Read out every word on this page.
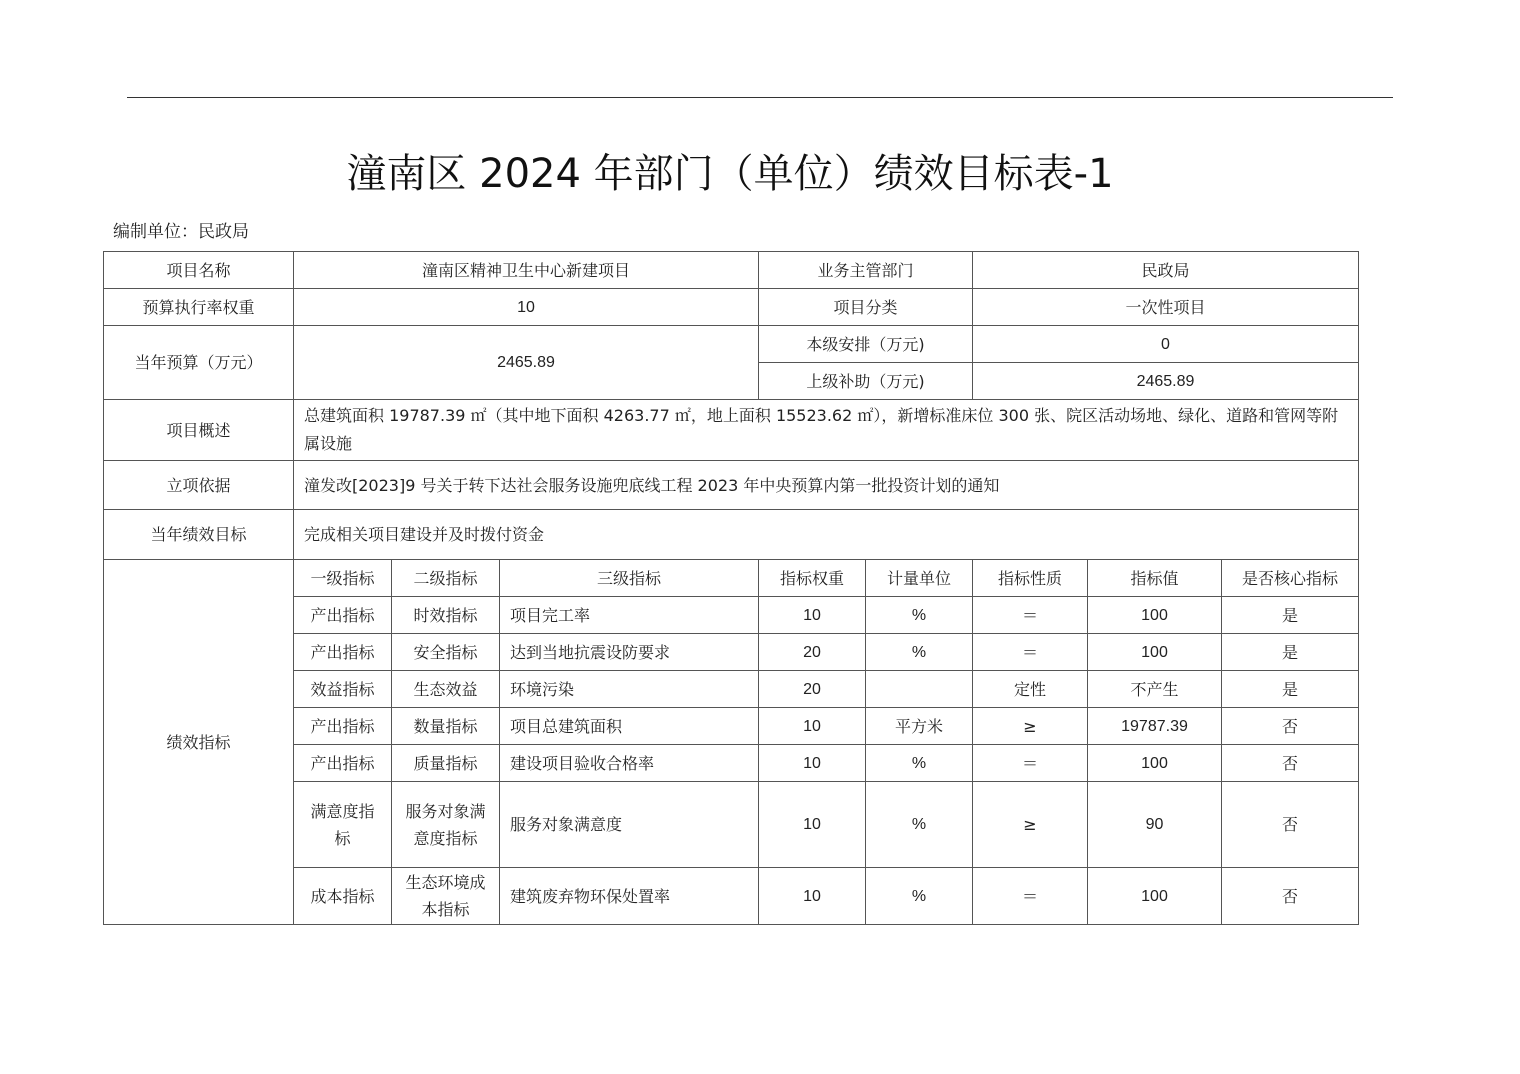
潼南区 2024 年部门（单位）绩效目标表-1
编制单位：民政局
项目名称	潼南区精神卫生中心新建项目			业务主管部门		民政局		
预算执行率权重	10			项目分类		一次性项目		
当年预算（万元）	2465.89			本级安排（万元)		0		
				上级补助（万元)		2465.89		
项目概述	总建筑面积 19787.39 ㎡（其中地下面积 4263.77 ㎡，地上面积 15523.62 ㎡），新增标准床位 300 张、院区活动场地、绿化、道路和管网等附属设施							
立项依据	潼发改[2023]9 号关于转下达社会服务设施兜底线工程 2023 年中央预算内第一批投资计划的通知							
当年绩效目标	完成相关项目建设并及时拨付资金							
绩效指标	一级指标	二级指标	三级指标	指标权重	计量单位	指标性质	指标值	是否核心指标
	产出指标	时效指标	项目完工率	10	%	＝	100	是
	产出指标	安全指标	达到当地抗震设防要求	20	%	＝	100	是
	效益指标	生态效益	环境污染	20		定性	不产生	是
	产出指标	数量指标	项目总建筑面积	10	平方米	≥	19787.39	否
	产出指标	质量指标	建设项目验收合格率	10	%	＝	100	否
	满意度指标	服务对象满意度指标	服务对象满意度	10	%	≥	90	否
	成本指标	生态环境成本指标	建筑废弃物环保处置率	10	%	＝	100	否
